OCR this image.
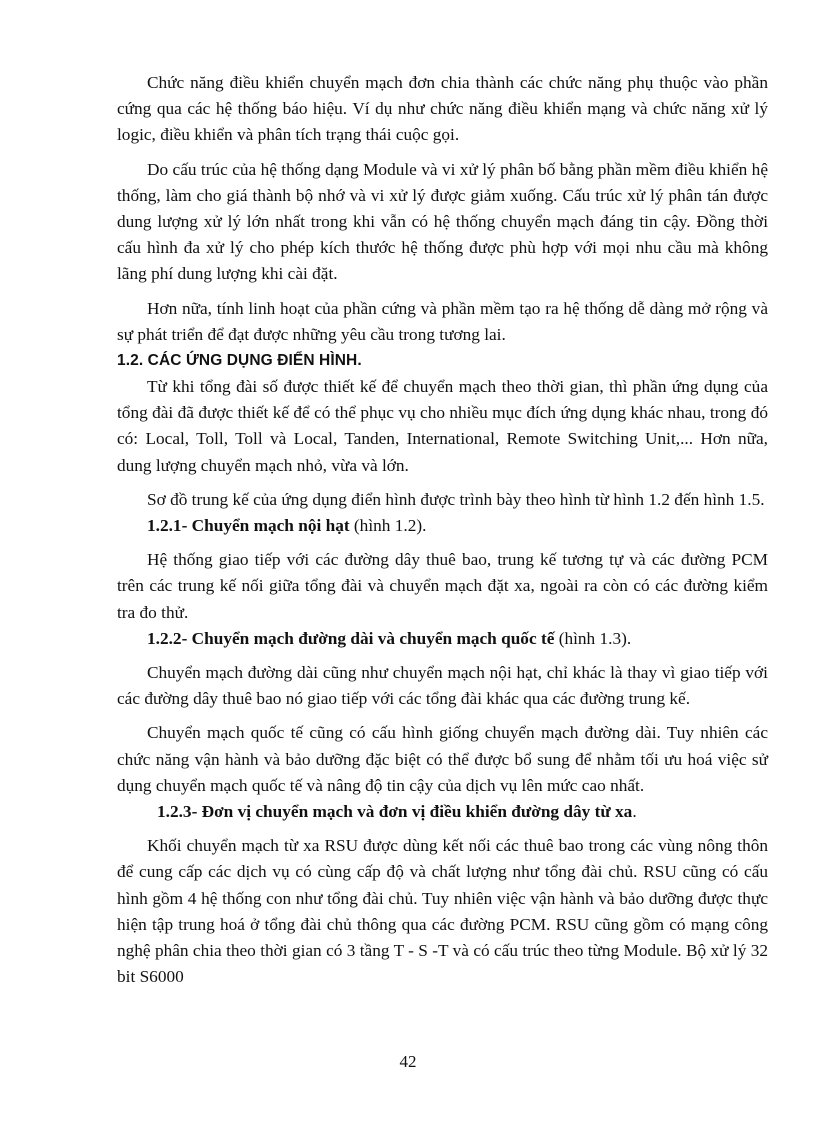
Chức năng điều khiển chuyển mạch đơn chia thành các chức năng phụ thuộc vào phần cứng qua các hệ thống báo hiệu. Ví dụ như chức năng điều khiển mạng và chức năng xử lý logic, điều khiển và phân tích trạng thái cuộc gọi.

Do cấu trúc của hệ thống dạng Module và vi xử lý phân bố bằng phần mềm điều khiển hệ thống, làm cho giá thành bộ nhớ và vi xử lý được giảm xuống. Cấu trúc xử lý phân tán được dung lượng xử lý lớn nhất trong khi vẫn có hệ thống chuyển mạch đáng tin cậy. Đồng thời cấu hình đa xử lý cho phép kích thước hệ thống được phù hợp với mọi nhu cầu mà không lãng phí dung lượng khi cài đặt.

Hơn nữa, tính linh hoạt của phần cứng và phần mềm tạo ra hệ thống dễ dàng mở rộng và sự phát triển để đạt được những yêu cầu trong tương lai.

1.2. CÁC ỨNG DỤNG ĐIỂN HÌNH.

Từ khi tổng đài số được thiết kế để chuyển mạch theo thời gian, thì phần ứng dụng của tổng đài đã được thiết kế để có thể phục vụ cho nhiều mục đích ứng dụng khác nhau, trong đó có: Local, Toll, Toll và Local, Tanden, International, Remote Switching Unit,... Hơn nữa, dung lượng chuyển mạch nhỏ, vừa và lớn.

Sơ đồ trung kế của ứng dụng điển hình được trình bày theo hình từ hình 1.2 đến hình 1.5.

1.2.1- Chuyển mạch nội hạt (hình 1.2).

Hệ thống giao tiếp với các đường dây thuê bao, trung kế tương tự và các đường PCM trên các trung kế nối giữa tổng đài và chuyển mạch đặt xa, ngoài ra còn có các đường kiểm tra đo thử.

1.2.2- Chuyển mạch đường dài và chuyển mạch quốc tế (hình 1.3).

Chuyển mạch đường dài cũng như chuyển mạch nội hạt, chỉ khác là thay vì giao tiếp với các đường dây thuê bao nó giao tiếp với các tổng đài khác qua các đường trung kế.

Chuyển mạch quốc tế cũng có cấu hình giống chuyển mạch đường dài. Tuy nhiên các chức năng vận hành và bảo dưỡng đặc biệt có thể được bổ sung để nhằm tối ưu hoá việc sử dụng chuyển mạch quốc tế và nâng độ tin cậy của dịch vụ lên mức cao nhất.

1.2.3- Đơn vị chuyển mạch và đơn vị điều khiển đường dây từ xa.

Khối chuyển mạch từ xa RSU được dùng kết nối các thuê bao trong các vùng nông thôn để cung cấp các dịch vụ có cùng cấp độ và chất lượng như tổng đài chủ. RSU cũng có cấu hình gồm 4 hệ thống con như tổng đài chủ. Tuy nhiên việc vận hành và bảo dưỡng được thực hiện tập trung hoá ở tổng đài chủ thông qua các đường PCM. RSU cũng gồm có mạng công nghệ phân chia theo thời gian có 3 tầng T - S -T và có cấu trúc theo từng Module. Bộ xử lý 32 bit S6000

42
